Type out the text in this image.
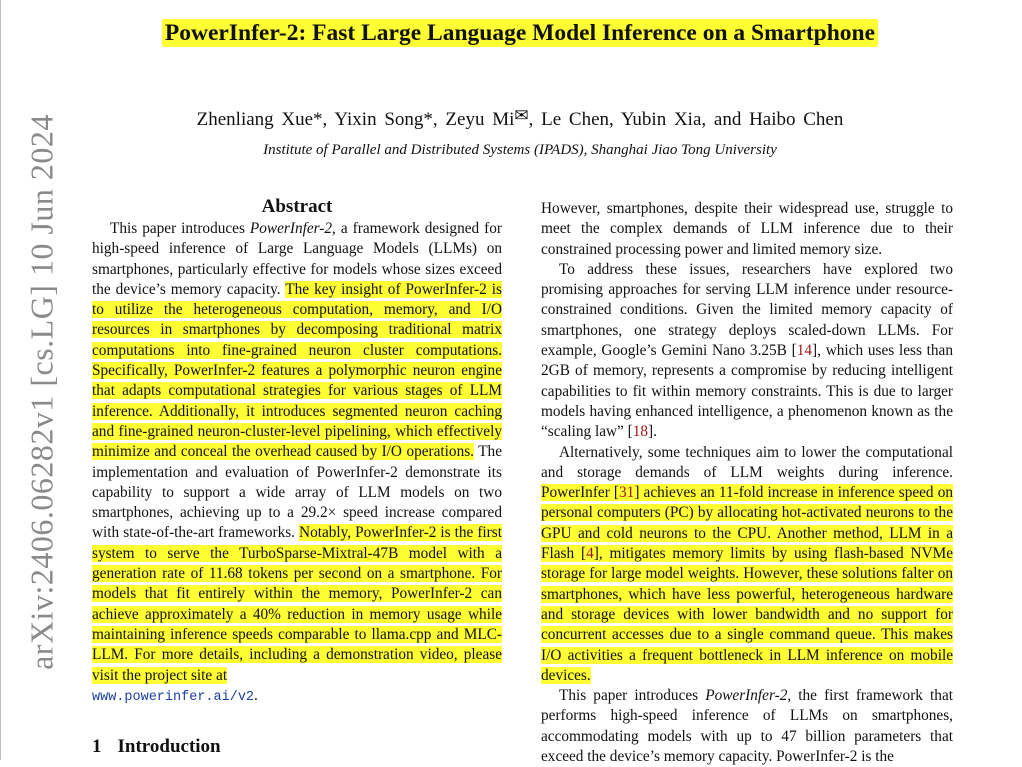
arXiv:2406.06282v1 [cs.LG] 10 Jun 2024
PowerInfer-2: Fast Large Language Model Inference on a Smartphone
Zhenliang Xue*, Yixin Song*, Zeyu Mi✉, Le Chen, Yubin Xia, and Haibo Chen
Institute of Parallel and Distributed Systems (IPADS), Shanghai Jiao Tong University
Abstract

This paper introduces PowerInfer-2, a framework designed for high-speed inference of Large Language Models (LLMs) on smartphones, particularly effective for models whose sizes exceed the device’s memory capacity. The key insight of PowerInfer-2 is to utilize the heterogeneous computation, memory, and I/O resources in smartphones by decomposing traditional matrix computations into fine-grained neuron cluster computations. Specifically, PowerInfer-2 features a polymorphic neuron engine that adapts computational strategies for various stages of LLM inference. Additionally, it introduces segmented neuron caching and fine-grained neuron-cluster-level pipelining, which effectively minimize and conceal the overhead caused by I/O operations. The implementation and evaluation of PowerInfer-2 demonstrate its capability to support a wide array of LLM models on two smartphones, achieving up to a 29.2× speed increase compared with state-of-the-art frameworks. Notably, PowerInfer-2 is the first system to serve the TurboSparse-Mixtral-47B model with a generation rate of 11.68 tokens per second on a smartphone. For models that fit entirely within the memory, PowerInfer-2 can achieve approximately a 40% reduction in memory usage while maintaining inference speeds comparable to llama.cpp and MLC-LLM. For more details, including a demonstration video, please visit the project site at
www.powerinfer.ai/v2.

1 Introduction

However, smartphones, despite their widespread use, struggle to meet the complex demands of LLM inference due to their constrained processing power and limited memory size.

To address these issues, researchers have explored two promising approaches for serving LLM inference under resource-constrained conditions. Given the limited memory capacity of smartphones, one strategy deploys scaled-down LLMs. For example, Google’s Gemini Nano 3.25B [14], which uses less than 2GB of memory, represents a compromise by reducing intelligent capabilities to fit within memory constraints. This is due to larger models having enhanced intelligence, a phenomenon known as the “scaling law” [18].

Alternatively, some techniques aim to lower the computational and storage demands of LLM weights during inference. PowerInfer [31] achieves an 11-fold increase in inference speed on personal computers (PC) by allocating hot-activated neurons to the GPU and cold neurons to the CPU. Another method, LLM in a Flash [4], mitigates memory limits by using flash-based NVMe storage for large model weights. However, these solutions falter on smartphones, which have less powerful, heterogeneous hardware and storage devices with lower bandwidth and no support for concurrent accesses due to a single command queue. This makes I/O activities a frequent bottleneck in LLM inference on mobile devices.

This paper introduces PowerInfer-2, the first framework that performs high-speed inference of LLMs on smartphones, accommodating models with up to 47 billion parameters that exceed the device’s memory capacity. PowerInfer-2 is the
